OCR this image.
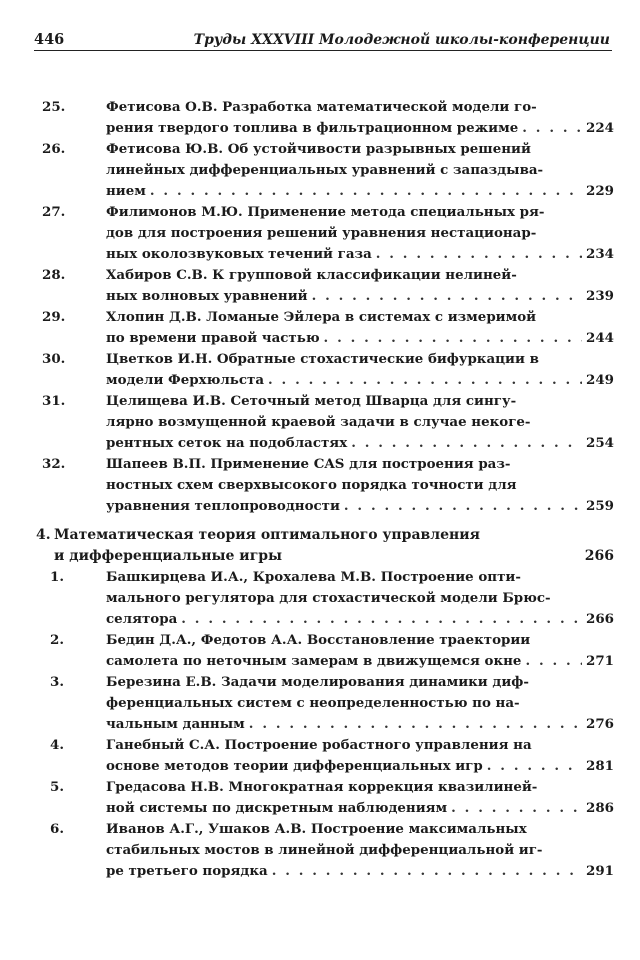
446	Труды XXXVIII Молодежной школы-конференции
25.	Фетисова О.В. Разработка математической модели го-
рения твердого топлива в фильтрационном режиме . . .	224
26.	Фетисова Ю.В. Об устойчивости разрывных решений
линейных дифференциальных уравнений с запаздыва-
нием . . .	229
27.	Филимонов М.Ю. Применение метода специальных ря-
дов для построения решений уравнения нестационар-
ных околозвуковых течений газа . . .	234
28.	Хабиров С.В. К групповой классификации нелиней-
ных волновых уравнений . . .	239
29.	Хлопин Д.В. Ломаные Эйлера в системах с измеримой
по времени правой частью . . .	244
30.	Цветков И.Н. Обратные стохастические бифуркации в
модели Ферхюльста . . .	249
31.	Целищева И.В. Сеточный метод Шварца для сингу-
лярно возмущенной краевой задачи в случае некоге-
рентных сеток на подобластях . . .	254
32.	Шапеев В.П. Применение CAS для построения раз-
ностных схем сверхвысокого порядка точности для
уравнения теплопроводности . . .	259
4. Математическая теория оптимального управления
и дифференциальные игры	266
1.	Башкирцева И.А., Крохалева М.В. Построение опти-
мального регулятора для стохастической модели Брюс-
селятора . . .	266
2.	Бедин Д.А., Федотов А.А. Восстановление траектории
самолета по неточным замерам в движущемся окне . . .	271
3.	Березина Е.В. Задачи моделирования динамики диф-
ференциальных систем с неопределенностью по на-
чальным данным . . .	276
4.	Ганебный С.А. Построение робастного управления на
основе методов теории дифференциальных игр . . .	281
5.	Гредасова Н.В. Многократная коррекция квазилиней-
ной системы по дискретным наблюдениям . . .	286
6.	Иванов А.Г., Ушаков А.В. Построение максимальных
стабильных мостов в линейной дифференциальной иг-
ре третьего порядка . . .	291
